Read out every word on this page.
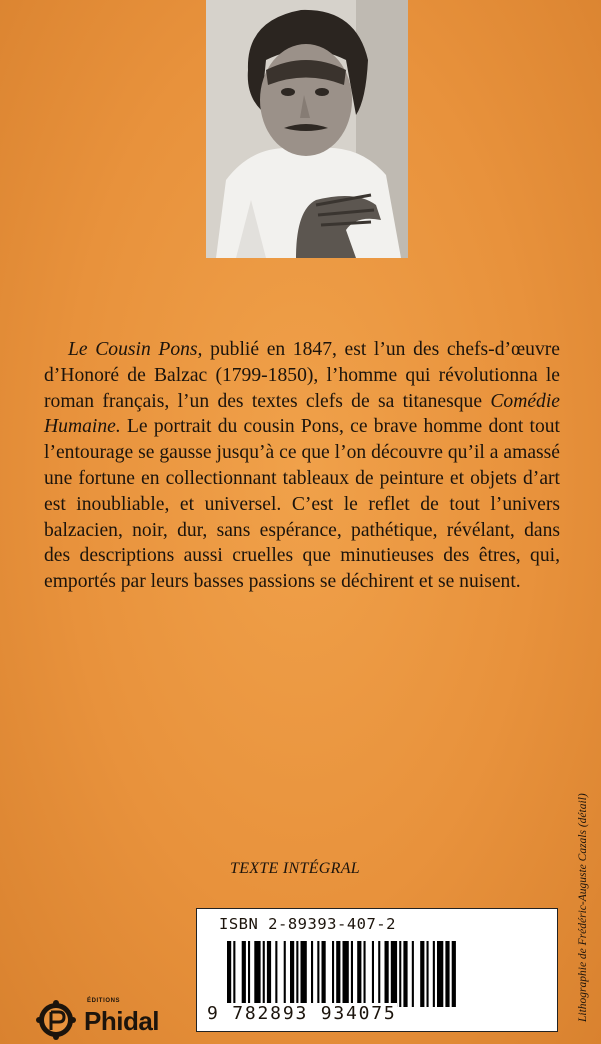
Le Cousin Pons, publié en 1847, est l’un des chefs-d’œuvre d’Honoré de Balzac (1799-1850), l’homme qui révolutionna le roman français, l’un des textes clefs de sa titanesque Comédie Humaine. Le portrait du cousin Pons, ce brave homme dont tout l’entourage se gausse jusqu’à ce que l’on découvre qu’il a amassé une fortune en collectionnant tableaux de peinture et objets d’art est inoubliable, et universel. C’est le reflet de tout l’univers balzacien, noir, dur, sans espérance, pathétique, révélant, dans des descriptions aussi cruelles que minutieuses des êtres, qui, emportés par leurs basses passions se déchirent et se nuisent.

TEXTE INTÉGRAL	Lithographie de Frédéric-Auguste Cazals (détail)
ISBN 2-89393-407-2
9 782893 934075
ÉDITIONS
Phidal
